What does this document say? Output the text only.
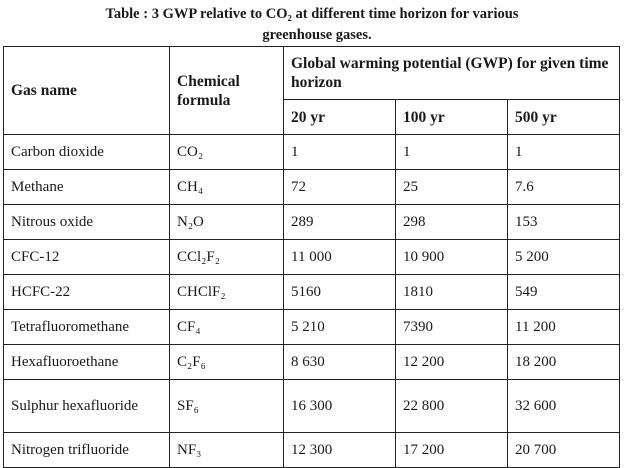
Table : 3 GWP relative to CO₂ at different time horizon for various
greenhouse gases.
Gas name	Chemical formula	Global warming potential (GWP) for given time horizon		
		20 yr	100 yr	500 yr
Carbon dioxide	CO₂	1	1	1
Methane	CH₄	72	25	7.6
Nitrous oxide	N₂O	289	298	153
CFC-12	CCl₂F₂	11 000	10 900	5 200
HCFC-22	CHClF₂	5160	1810	549
Tetrafluoromethane	CF₄	5 210	7390	11 200
Hexafluoroethane	C₂F₆	8 630	12 200	18 200
Sulphur hexafluoride	SF₆	16 300	22 800	32 600
Nitrogen trifluoride	NF₃	12 300	17 200	20 700
